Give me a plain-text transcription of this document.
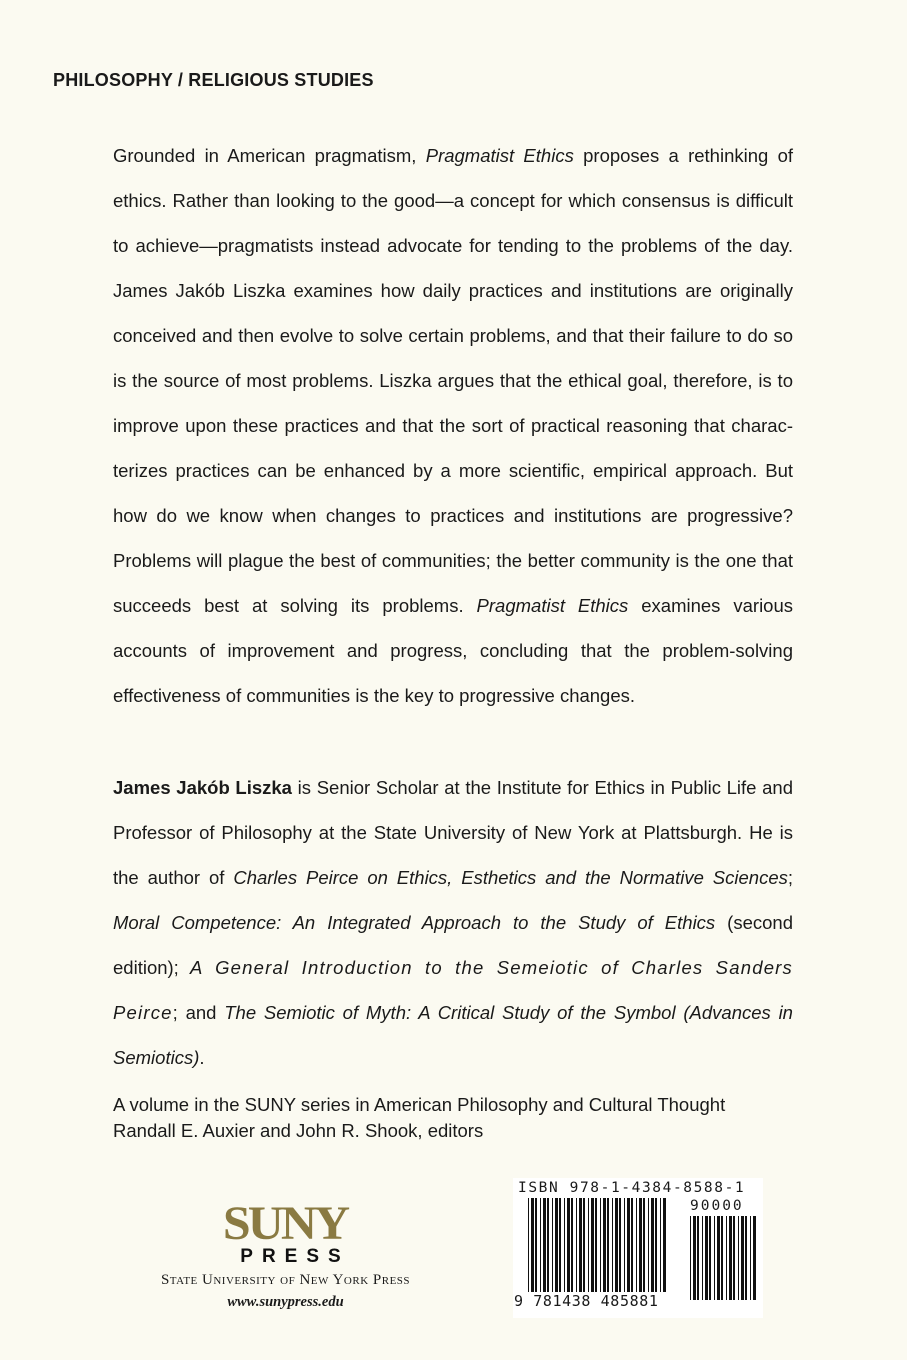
PHILOSOPHY / RELIGIOUS STUDIES

Grounded in American pragmatism, Pragmatist Ethics proposes a rethinking of ethics. Rather than looking to the good—a concept for which consensus is difficult to achieve—pragmatists instead advocate for tending to the problems of the day. James Jakób Liszka examines how daily practices and institutions are originally conceived and then evolve to solve certain problems, and that their failure to do so is the source of most problems. Liszka argues that the ethical goal, therefore, is to improve upon these practices and that the sort of practical reasoning that characterizes practices can be enhanced by a more scientific, empirical approach. But how do we know when changes to practices and institutions are progressive? Problems will plague the best of communities; the better community is the one that succeeds best at solving its problems. Pragmatist Ethics examines various accounts of improvement and progress, concluding that the problem-solving effectiveness of communities is the key to progressive changes.

James Jakób Liszka is Senior Scholar at the Institute for Ethics in Public Life and Professor of Philosophy at the State University of New York at Plattsburgh. He is the author of Charles Peirce on Ethics, Esthetics and the Normative Sciences; Moral Competence: An Integrated Approach to the Study of Ethics (second edition); A General Introduction to the Semeiotic of Charles Sanders Peirce; and The Semiotic of Myth: A Critical Study of the Symbol (Advances in Semiotics).

A volume in the SUNY series in American Philosophy and Cultural Thought
Randall E. Auxier and John R. Shook, editors
SUNY
PRESS
State University of New York Press
www.sunypress.edu
ISBN 978-1-4384-8588-1
90000
9 781438 485881
